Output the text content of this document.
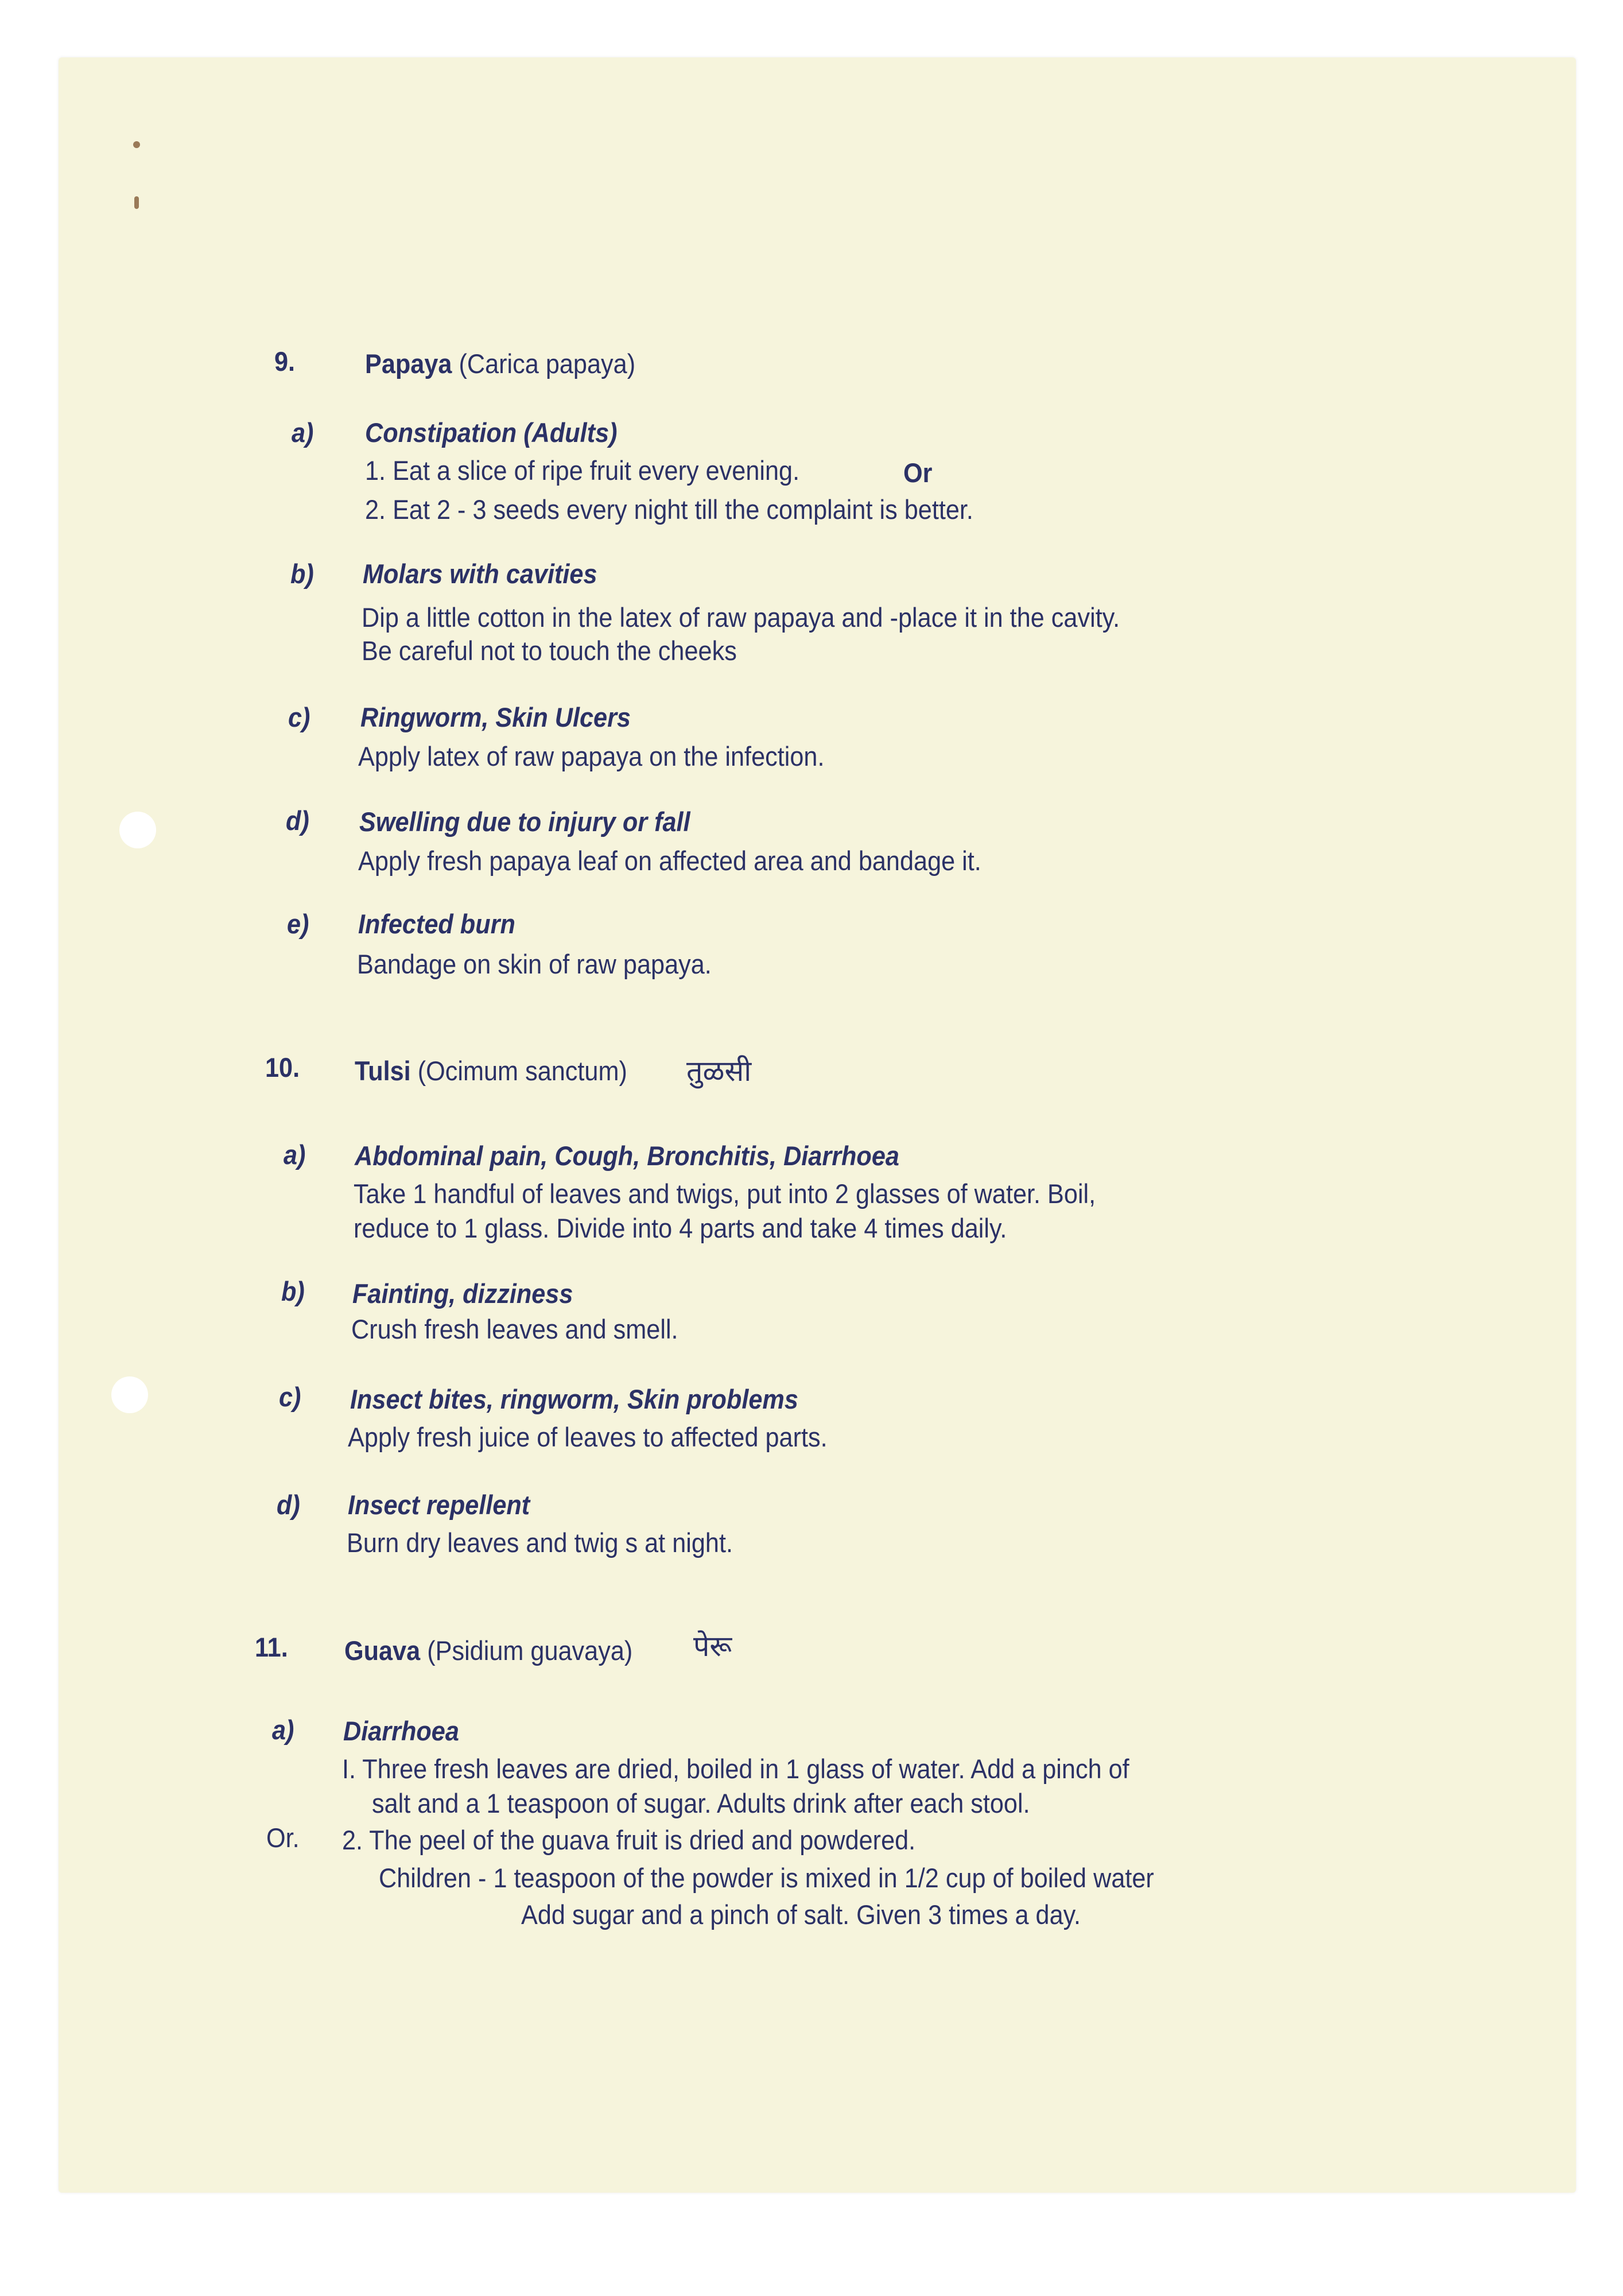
9.	Papaya (Carica papaya)
a) Constipation (Adults)
1. Eat a slice of ripe fruit every evening.	Or
2. Eat 2 - 3 seeds every night till the complaint is better.
b) Molars with cavities
Dip a little cotton in the latex of raw papaya and -place it in the cavity.
Be careful not to touch the cheeks
c) Ringworm, Skin Ulcers
Apply latex of raw papaya on the infection.
d) Swelling due to injury or fall
Apply fresh papaya leaf on affected area and bandage it.
e) Infected burn
Bandage on skin of raw papaya.
10. Tulsi (Ocimum sanctum) तुळसी
a) Abdominal pain, Cough, Bronchitis, Diarrhoea
Take 1 handful of leaves and twigs, put into 2 glasses of water. Boil,
reduce to 1 glass. Divide into 4 parts and take 4 times daily.
b) Fainting, dizziness
Crush fresh leaves and smell.
c) Insect bites, ringworm, Skin problems
Apply fresh juice of leaves to affected parts.
d) Insect repellent
Burn dry leaves and twig s at night.
11. Guava (Psidium guavaya) पेरू
a) Diarrhoea
I. Three fresh leaves are dried, boiled in 1 glass of water. Add a pinch of
salt and a 1 teaspoon of sugar. Adults drink after each stool.
Or. 2. The peel of the guava fruit is dried and powdered.
Children - 1 teaspoon of the powder is mixed in 1/2 cup of boiled water
Add sugar and a pinch of salt. Given 3 times a day.
